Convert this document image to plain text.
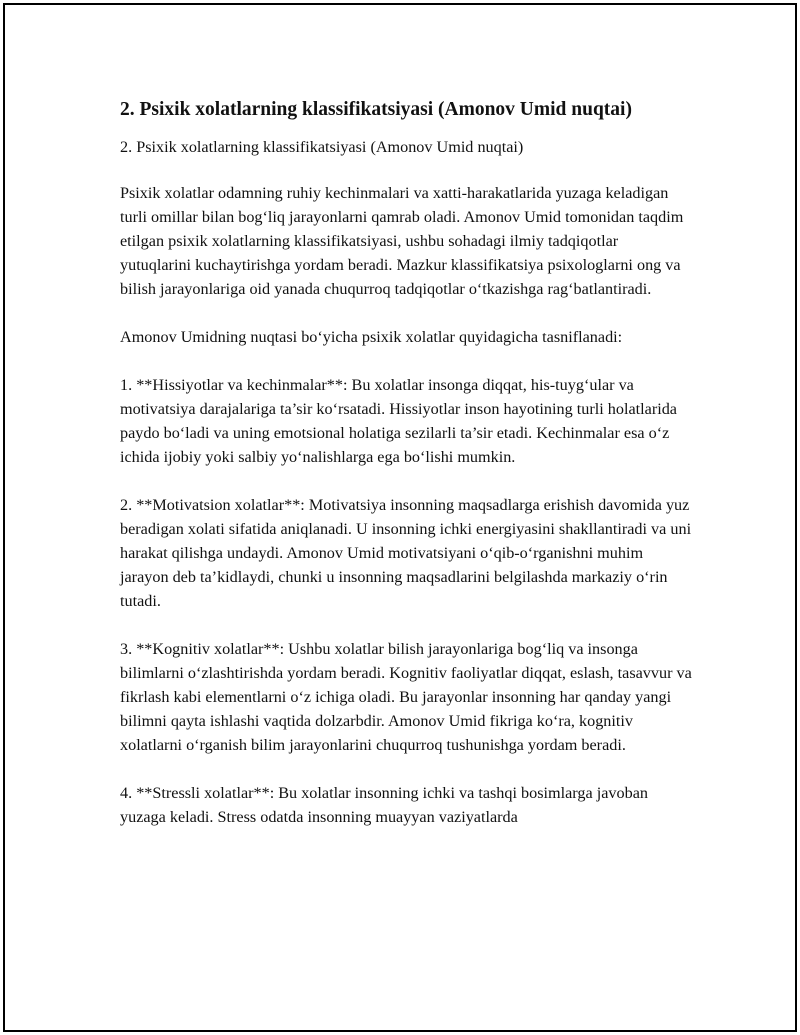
2. Psixik xolatlarning klassifikatsiyasi (Amonov Umid nuqtai)

2. Psixik xolatlarning klassifikatsiyasi (Amonov Umid nuqtai)

Psixik xolatlar odamning ruhiy kechinmalari va xatti-harakatlarida yuzaga keladigan turli omillar bilan bog‘liq jarayonlarni qamrab oladi. Amonov Umid tomonidan taqdim etilgan psixik xolatlarning klassifikatsiyasi, ushbu sohadagi ilmiy tadqiqotlar yutuqlarini kuchaytirishga yordam beradi. Mazkur klassifikatsiya psixologlarni ong va bilish jarayonlariga oid yanada chuqurroq tadqiqotlar o‘tkazishga rag‘batlantiradi.

Amonov Umidning nuqtasi bo‘yicha psixik xolatlar quyidagicha tasniflanadi:

1. **Hissiyotlar va kechinmalar**: Bu xolatlar insonga diqqat, his-tuyg‘ular va motivatsiya darajalariga ta’sir ko‘rsatadi. Hissiyotlar inson hayotining turli holatlarida paydo bo‘ladi va uning emotsional holatiga sezilarli ta’sir etadi. Kechinmalar esa o‘z ichida ijobiy yoki salbiy yo‘nalishlarga ega bo‘lishi mumkin.

2. **Motivatsion xolatlar**: Motivatsiya insonning maqsadlarga erishish davomida yuz beradigan xolati sifatida aniqlanadi. U insonning ichki energiyasini shakllantiradi va uni harakat qilishga undaydi. Amonov Umid motivatsiyani o‘qib-o‘rganishni muhim jarayon deb ta’kidlaydi, chunki u insonning maqsadlarini belgilashda markaziy o‘rin tutadi.

3. **Kognitiv xolatlar**: Ushbu xolatlar bilish jarayonlariga bog‘liq va insonga bilimlarni o‘zlashtirishda yordam beradi. Kognitiv faoliyatlar diqqat, eslash, tasavvur va fikrlash kabi elementlarni o‘z ichiga oladi. Bu jarayonlar insonning har qanday yangi bilimni qayta ishlashi vaqtida dolzarbdir. Amonov Umid fikriga ko‘ra, kognitiv xolatlarni o‘rganish bilim jarayonlarini chuqurroq tushunishga yordam beradi.

4. **Stressli xolatlar**: Bu xolatlar insonning ichki va tashqi bosimlarga javoban yuzaga keladi. Stress odatda insonning muayyan vaziyatlarda
